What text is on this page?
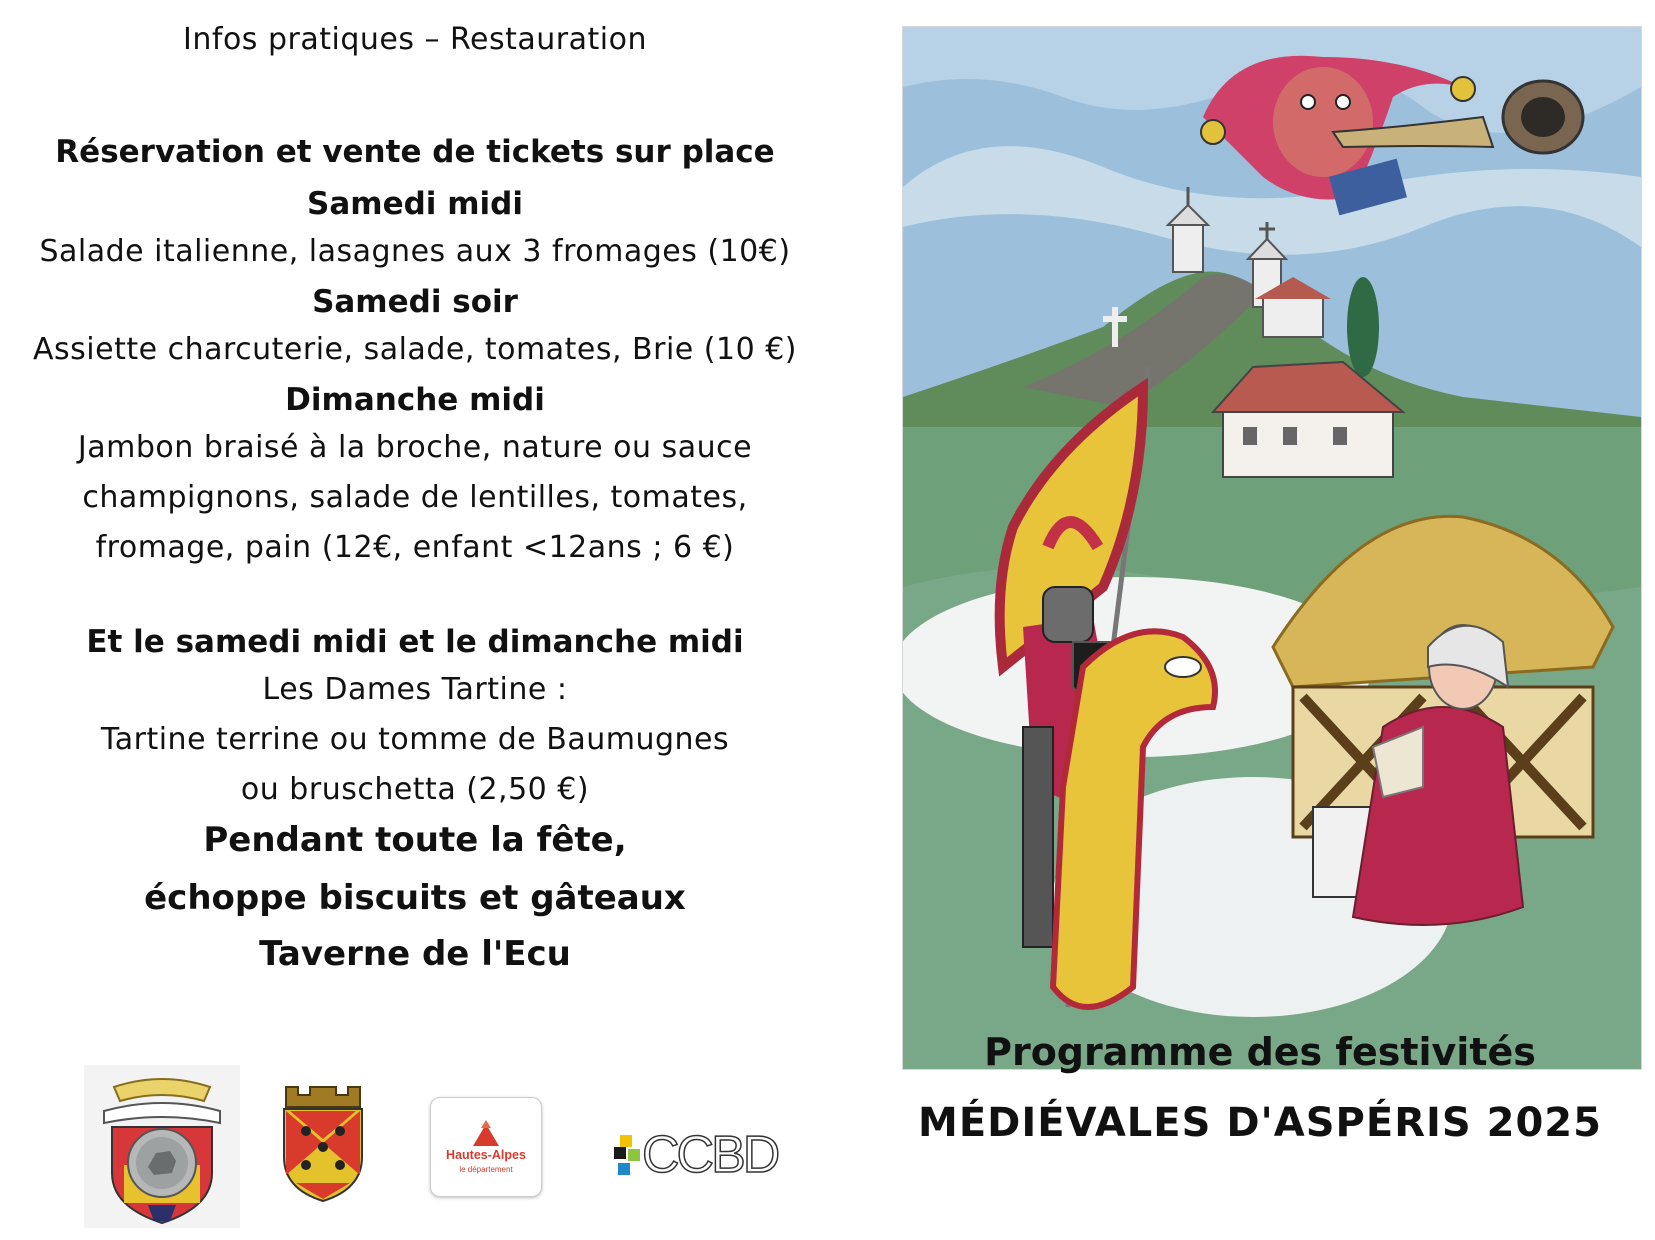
Infos pratiques – Restauration
Réservation et vente de tickets sur place
Samedi midi
Salade italienne, lasagnes aux 3 fromages (10€)
Samedi soir
Assiette charcuterie, salade, tomates, Brie (10 €)
Dimanche midi
Jambon braisé à la broche, nature ou sauce
champignons, salade de lentilles, tomates,
fromage, pain (12€, enfant <12ans ; 6 €)
Et le samedi midi et le dimanche midi
Les Dames Tartine :
Tartine terrine ou tomme de Baumugnes
ou bruschetta (2,50 €)
Pendant toute la fête,
échoppe biscuits et gâteaux
Taverne de l'Ecu
Hautes-Alpes
le département	CCBD
Programme des festivités
MÉDIÉVALES D'ASPÉRIS 2025
